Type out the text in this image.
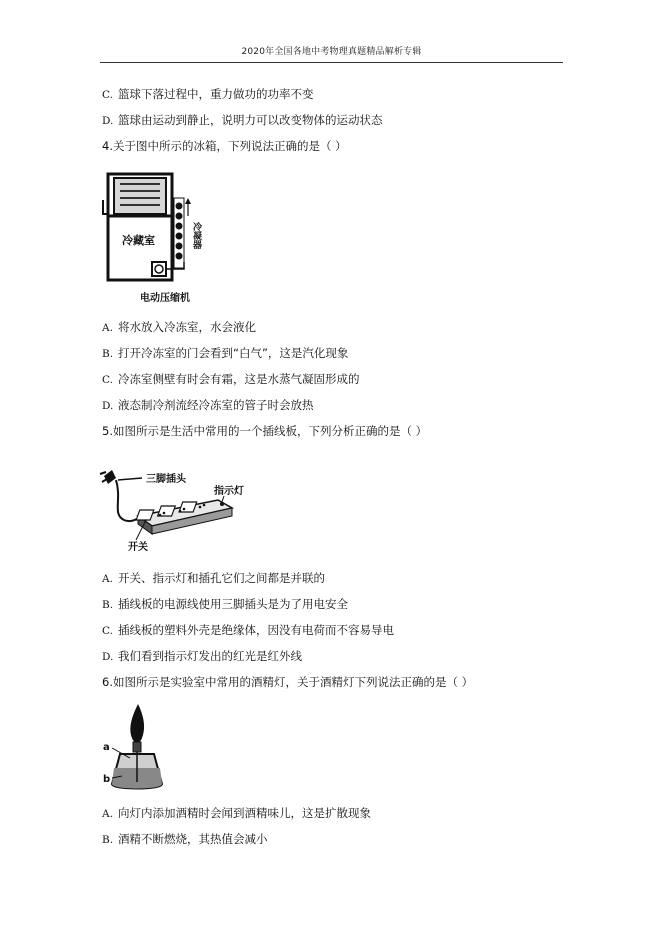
2020年全国各地中考物理真题精品解析专辑
C. 篮球下落过程中，重力做功的功率不变
D. 篮球由运动到静止，说明力可以改变物体的运动状态
4.关于图中所示的冰箱，下列说法正确的是（ ）
冷藏室	冷凝器
电动压缩机
A. 将水放入冷冻室，水会液化
B. 打开冷冻室的门会看到“白气”，这是汽化现象
C. 冷冻室侧壁有时会有霜，这是水蒸气凝固形成的
D. 液态制冷剂流经冷冻室的管子时会放热
5.如图所示是生活中常用的一个插线板，下列分析正确的是（ ）
三脚插头
开关
指示灯
A. 开关、指示灯和插孔它们之间都是并联的
B. 插线板的电源线使用三脚插头是为了用电安全
C. 插线板的塑料外壳是绝缘体，因没有电荷而不容易导电
D. 我们看到指示灯发出的红光是红外线
6.如图所示是实验室中常用的酒精灯，关于酒精灯下列说法正确的是（ ）
a
b
A. 向灯内添加酒精时会闻到酒精味儿，这是扩散现象
B. 酒精不断燃烧，其热值会减小
